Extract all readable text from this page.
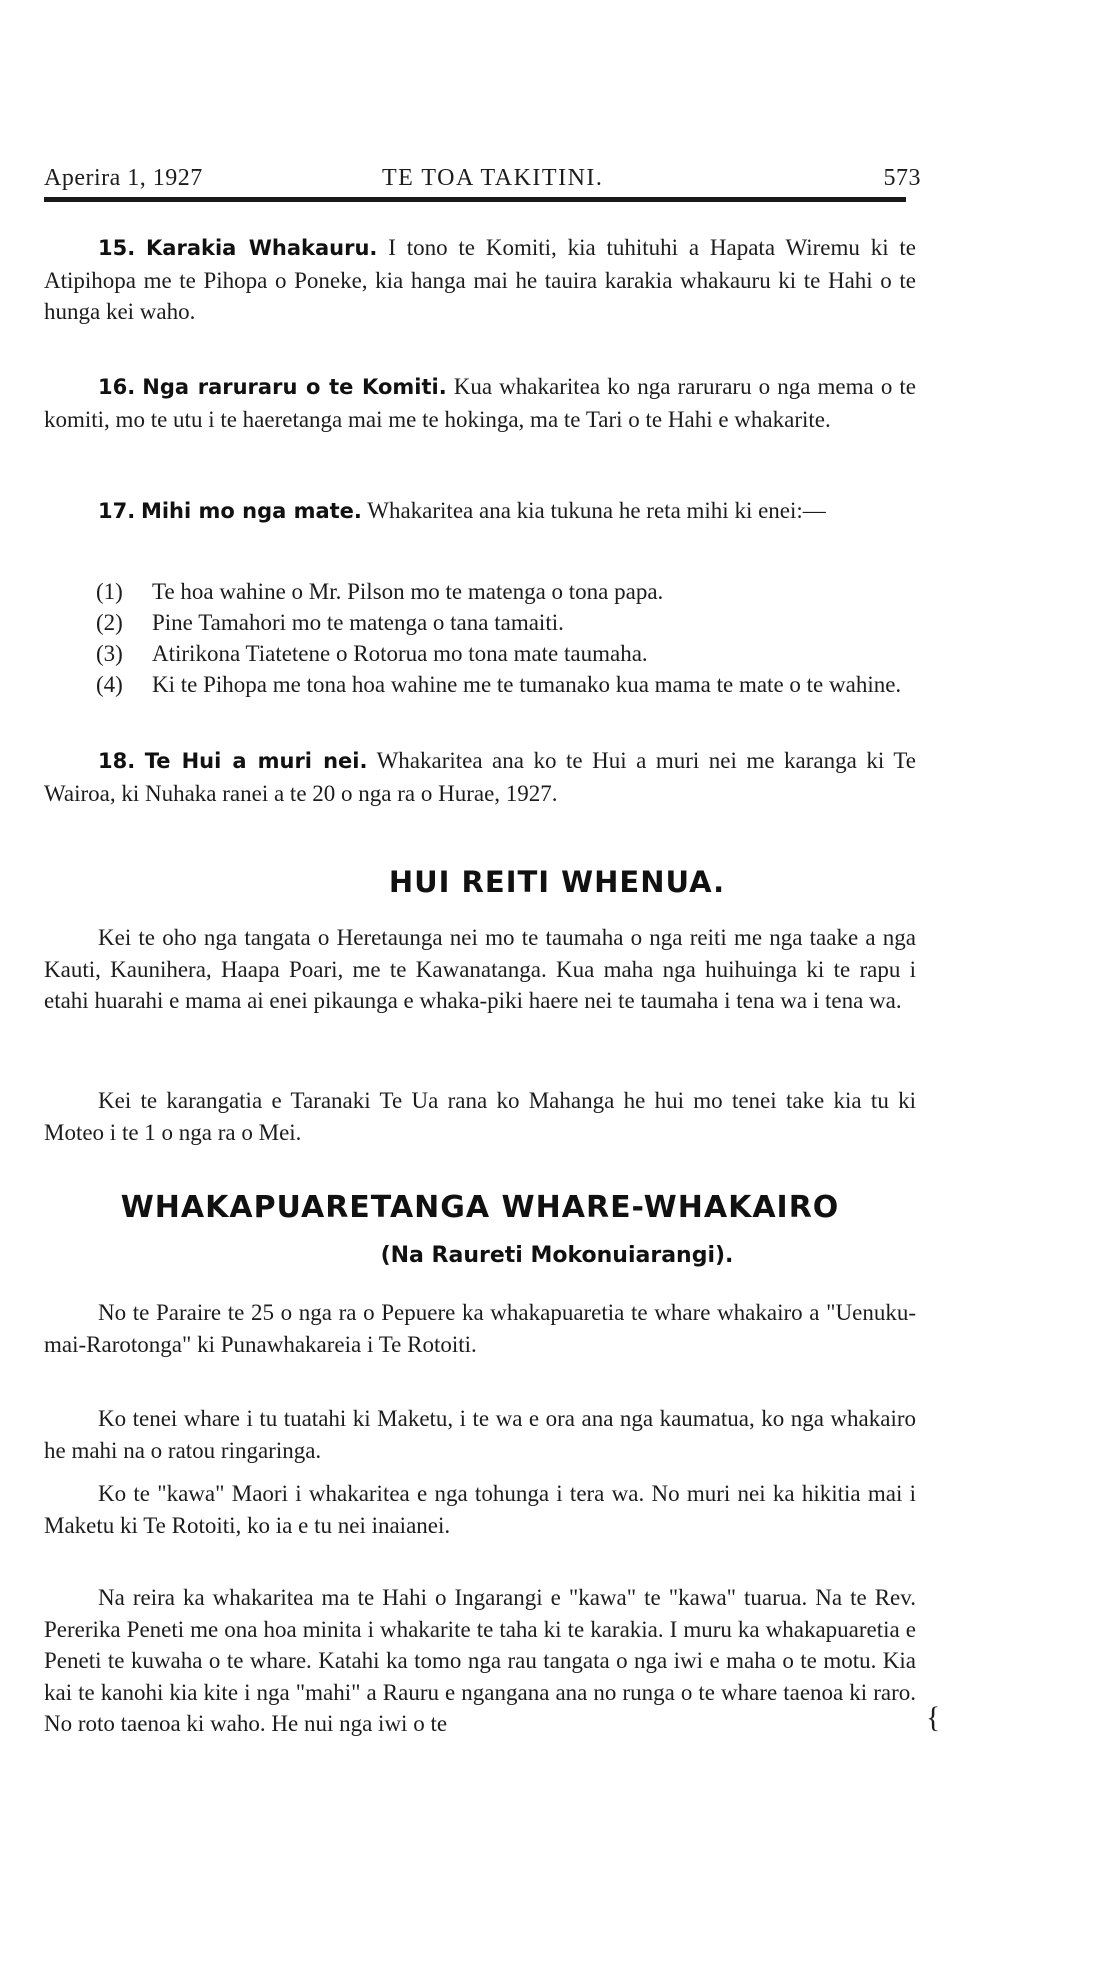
Aperira 1, 1927	TE TOA TAKITINI.	573

15. Karakia Whakauru. I tono te Komiti, kia tuhituhi a Hapata Wiremu ki te Atipihopa me te Pihopa o Poneke, kia hanga mai he tauira karakia whakauru ki te Hahi o te hunga kei waho.

16. Nga raruraru o te Komiti. Kua whakaritea ko nga raruraru o nga mema o te komiti, mo te utu i te haeretanga mai me te hokinga, ma te Tari o te Hahi e whakarite.

17. Mihi mo nga mate. Whakaritea ana kia tukuna he reta mihi ki enei:—

(1)	Te hoa wahine o Mr. Pilson mo te matenga o tona papa.
(2)	Pine Tamahori mo te matenga o tana tamaiti.
(3)	Atirikona Tiatetene o Rotorua mo tona mate taumaha.
(4)	Ki te Pihopa me tona hoa wahine me te tumanako kua mama te mate o te wahine.

18. Te Hui a muri nei. Whakaritea ana ko te Hui a muri nei me karanga ki Te Wairoa, ki Nuhaka ranei a te 20 o nga ra o Hurae, 1927.

HUI REITI WHENUA.

Kei te oho nga tangata o Heretaunga nei mo te taumaha o nga reiti me nga taake a nga Kauti, Kaunihera, Haapa Poari, me te Kawanatanga. Kua maha nga huihuinga ki te rapu i etahi huarahi e mama ai enei pikaunga e whaka-piki haere nei te taumaha i tena wa i tena wa.

Kei te karangatia e Taranaki Te Ua rana ko Mahanga he hui mo tenei take kia tu ki Moteo i te 1 o nga ra o Mei.

WHAKAPUARETANGA WHARE-WHAKAIRO
(Na Raureti Mokonuiarangi).

No te Paraire te 25 o nga ra o Pepuere ka whakapuaretia te whare whakairo a "Uenuku-mai-Rarotonga" ki Punawhakareia i Te Rotoiti.

Ko tenei whare i tu tuatahi ki Maketu, i te wa e ora ana nga kaumatua, ko nga whakairo he mahi na o ratou ringaringa.

Ko te "kawa" Maori i whakaritea e nga tohunga i tera wa. No muri nei ka hikitia mai i Maketu ki Te Rotoiti, ko ia e tu nei inaianei.

Na reira ka whakaritea ma te Hahi o Ingarangi e "kawa" te "kawa" tuarua. Na te Rev. Pererika Peneti me ona hoa minita i whakarite te taha ki te karakia. I muru ka whakapuaretia e Peneti te kuwaha o te whare. Katahi ka tomo nga rau tangata o nga iwi e maha o te motu. Kia kai te kanohi kia kite i nga "mahi" a Rauru e ngangana ana no runga o te whare taenoa ki raro. No roto taenoa ki waho. He nui nga iwi o te	{
